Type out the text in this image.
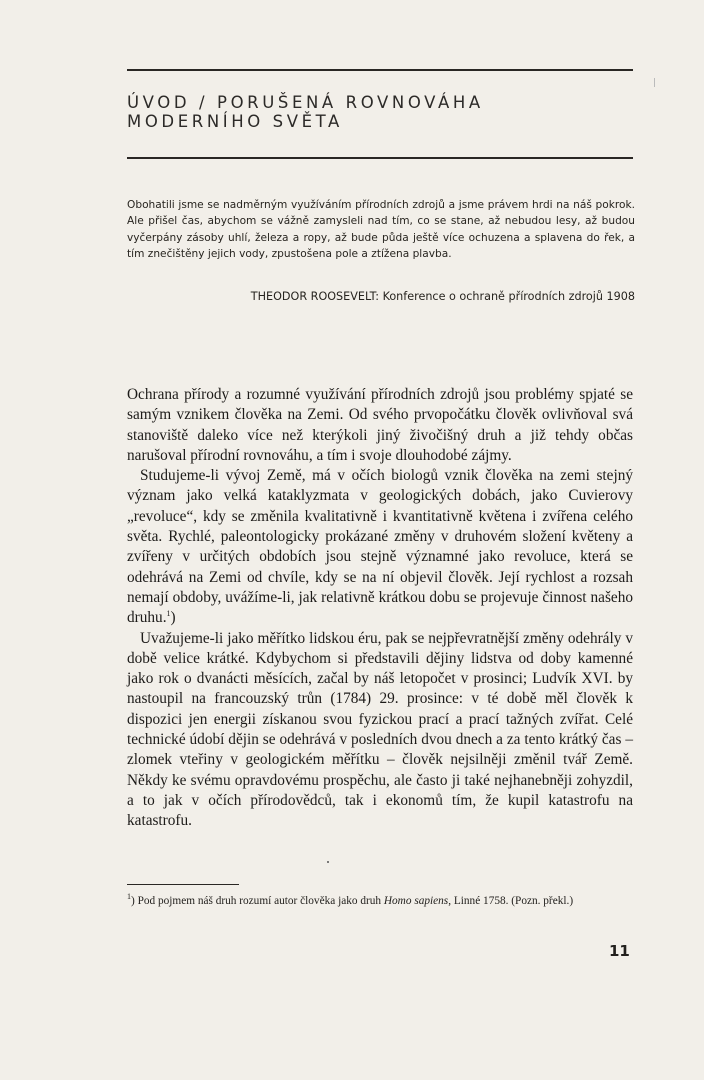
ÚVOD / PORUŠENÁ ROVNOVÁHA
MODERNÍHO SVĚTA

Obohatili jsme se nadměrným využíváním přírodních zdrojů a jsme právem hrdi na náš pokrok. Ale přišel čas, abychom se vážně zamysleli nad tím, co se stane, až nebudou lesy, až budou vyčerpány zásoby uhlí, železa a ropy, až bude půda ještě více ochuzena a splavena do řek, a tím znečištěny jejich vody, zpustošena pole a ztížena plavba.

THEODOR ROOSEVELT: Konference o ochraně přírodních zdrojů 1908

Ochrana přírody a rozumné využívání přírodních zdrojů jsou problémy spjaté se samým vznikem člověka na Zemi. Od svého prvopočátku člověk ovlivňoval svá stanoviště daleko více než kterýkoli jiný živočišný druh a již tehdy občas narušoval přírodní rovnováhu, a tím i svoje dlouhodobé zájmy.

Studujeme-li vývoj Země, má v očích biologů vznik člověka na zemi stejný význam jako velká kataklyzmata v geologických dobách, jako Cuvierovy „revoluce“, kdy se změnila kvalitativně i kvantitativně květena i zvířena celého světa. Rychlé, paleontologicky prokázané změny v druhovém složení květeny a zvířeny v určitých obdobích jsou stejně významné jako revoluce, která se odehrává na Zemi od chvíle, kdy se na ní objevil člověk. Její rychlost a rozsah nemají obdoby, uvážíme-li, jak relativně krátkou dobu se projevuje činnost našeho druhu.$^1$)

Uvažujeme-li jako měřítko lidskou éru, pak se nejpřevratnější změny odehrály v době velice krátké. Kdybychom si představili dějiny lidstva od doby kamenné jako rok o dvanácti měsících, začal by náš letopočet v prosinci; Ludvík XVI. by nastoupil na francouzský trůn (1784) 29. prosince: v té době měl člověk k dispozici jen energii získanou svou fyzickou prací a prací tažných zvířat. Celé technické údobí dějin se odehrává v posledních dvou dnech a za tento krátký čas – zlomek vteřiny v geologickém měřítku – člověk nejsilněji změnil tvář Země. Někdy ke svému opravdovému prospěchu, ale často ji také nejhanebněji zohyzdil, a to jak v očích přírodovědců, tak i ekonomů tím, že kupil katastrofu na katastrofu.

$^1$) Pod pojmem náš druh rozumí autor člověka jako druh Homo sapiens, Linné 1758. (Pozn. překl.)

11
